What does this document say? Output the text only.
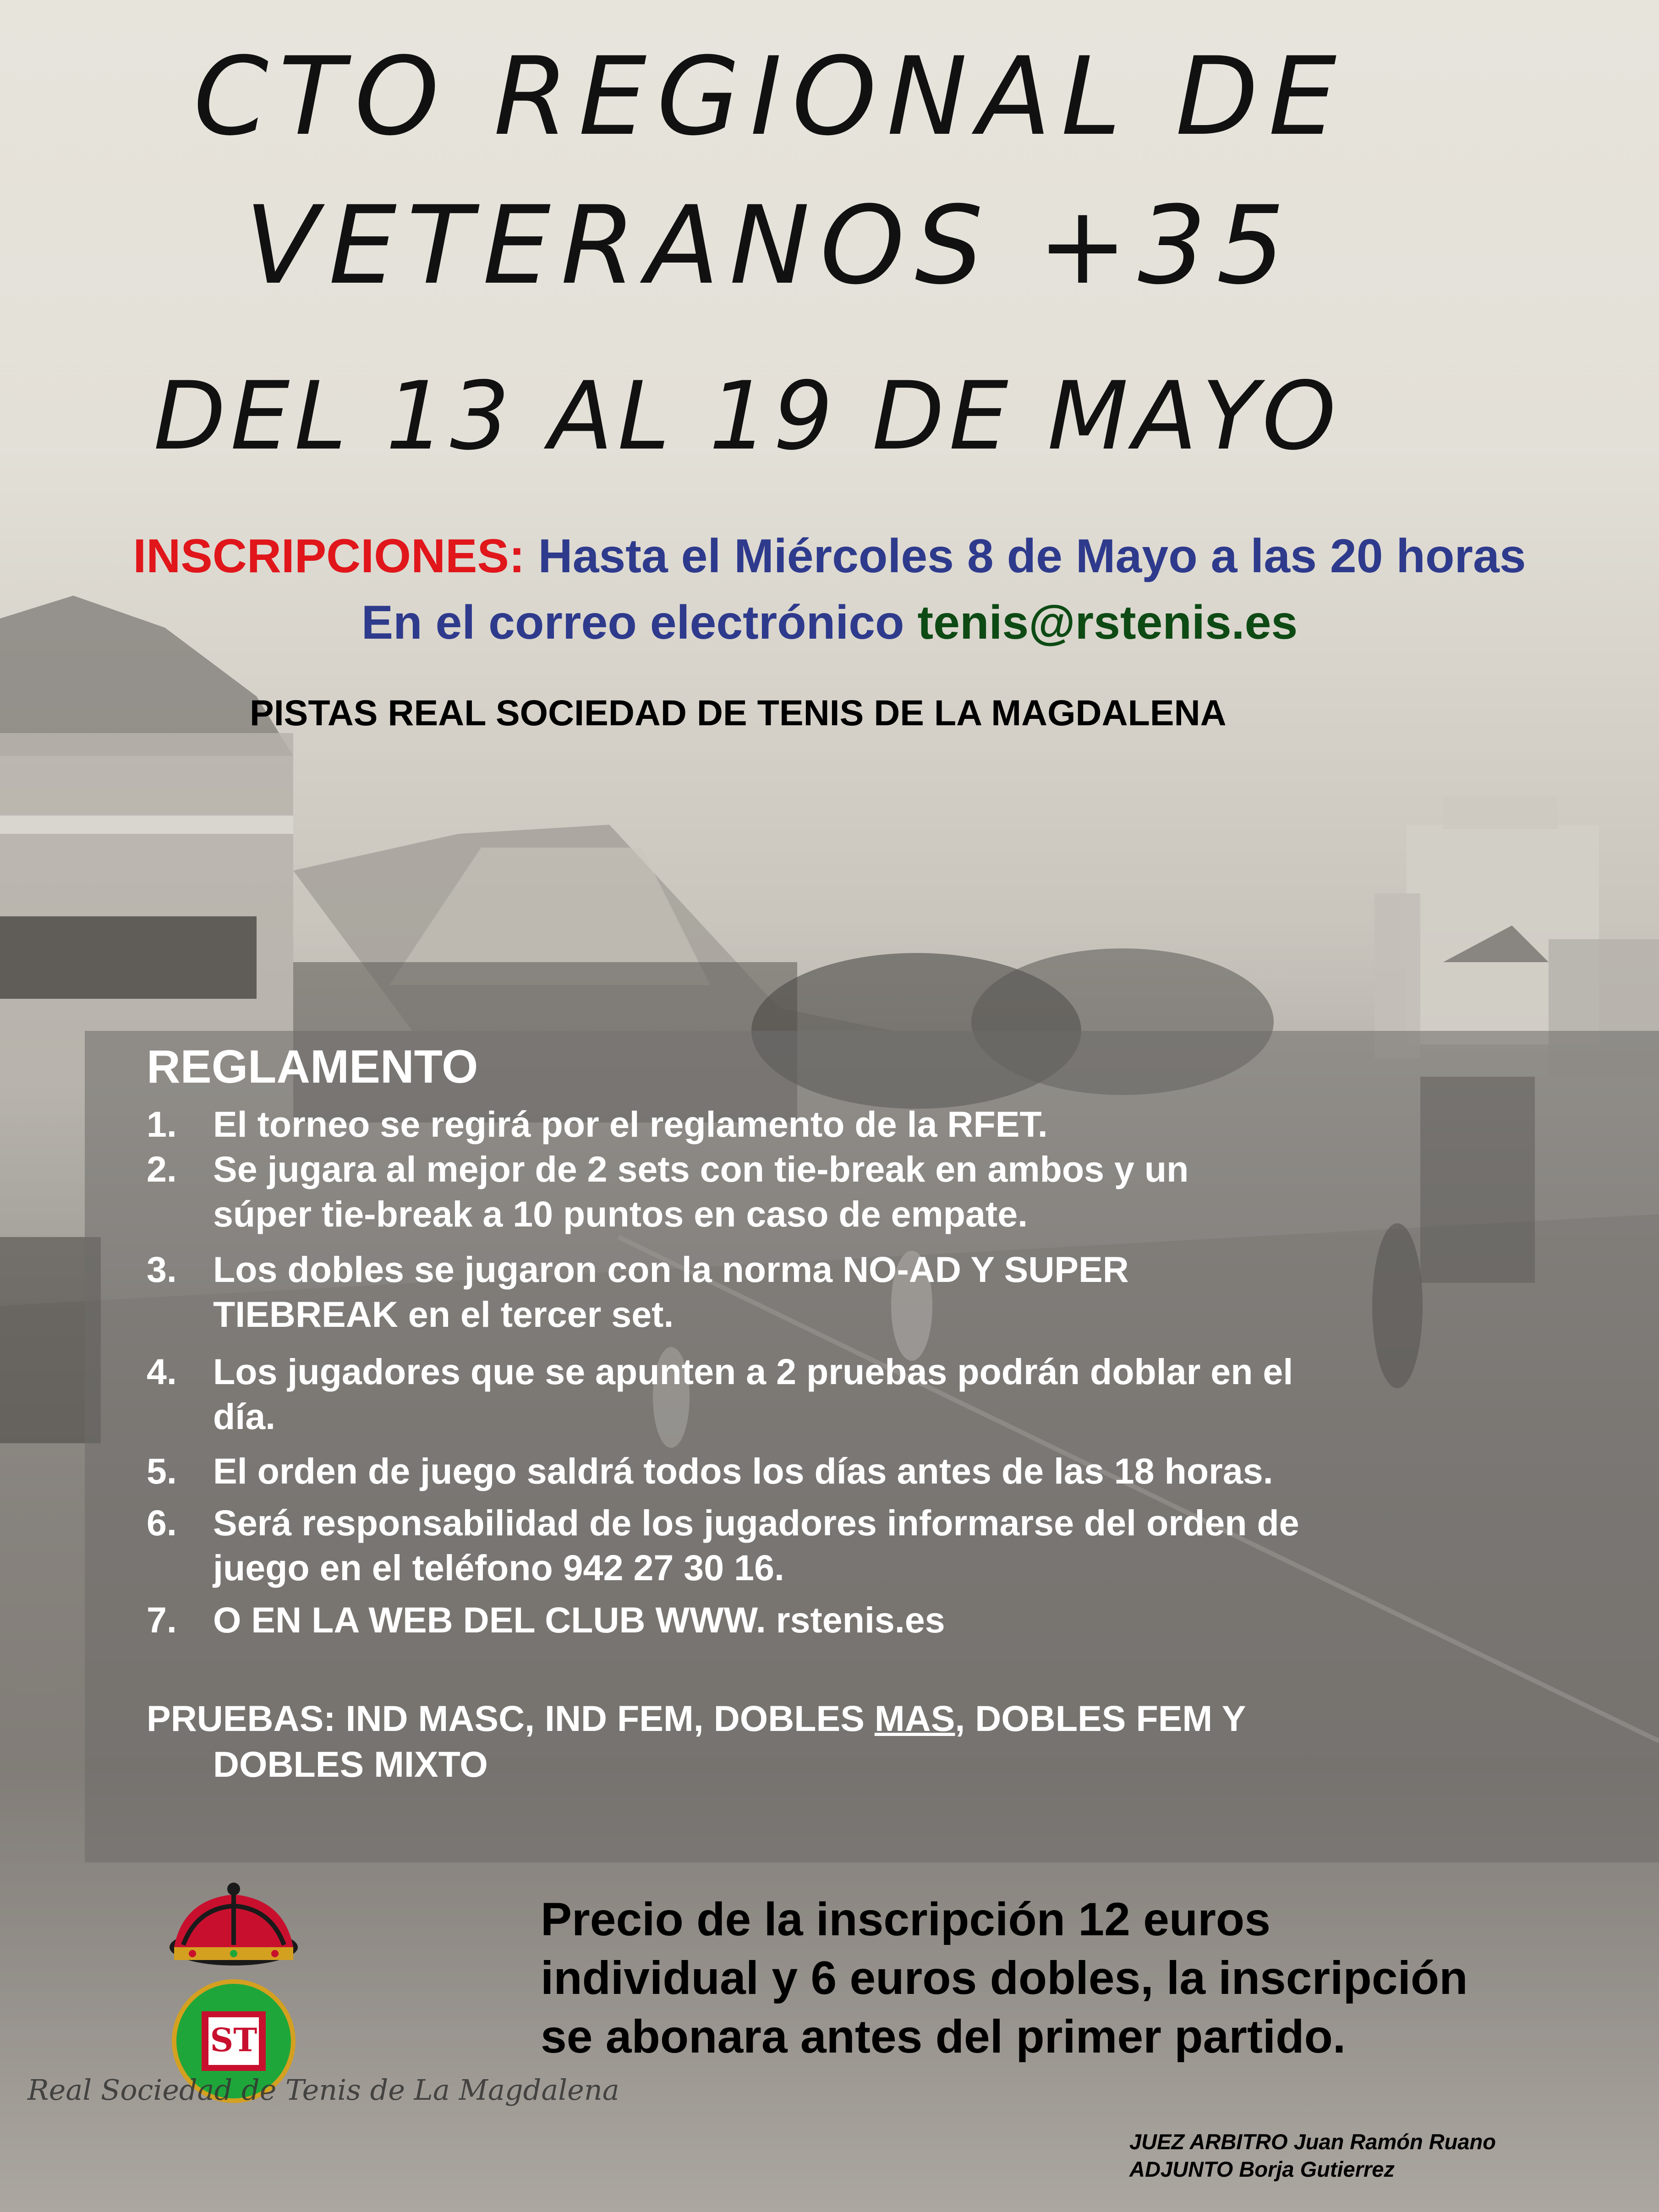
CTO REGIONAL DE
VETERANOS +35
DEL 13 AL 19 DE MAYO
INSCRIPCIONES: Hasta el Miércoles 8 de Mayo a las 20 horas
En el correo electrónico tenis@rstenis.es
PISTAS REAL SOCIEDAD DE TENIS DE LA MAGDALENA
REGLAMENTO
1. El torneo se regirá por el reglamento de la RFET.
2. Se jugara al mejor de 2 sets con tie-break en ambos y un
súper tie-break a 10 puntos en caso de empate.
3. Los dobles se jugaron con la norma NO-AD Y SUPER
TIEBREAK en el tercer set.
4. Los jugadores que se apunten a 2 pruebas podrán doblar en el
día.
5. El orden de juego saldrá todos los días antes de las 18 horas.
6. Será responsabilidad de los jugadores informarse del orden de
juego en el teléfono 942 27 30 16.
7. O EN LA WEB DEL CLUB WWW. rstenis.es
PRUEBAS: IND MASC, IND FEM, DOBLES MAS, DOBLES FEM Y
DOBLES MIXTO
ST
Precio de la inscripción 12 euros
individual y 6 euros dobles, la inscripción
se abonara antes del primer partido.
Real Sociedad de Tenis de La Magdalena
JUEZ ARBITRO Juan Ramón Ruano
ADJUNTO Borja Gutierrez
